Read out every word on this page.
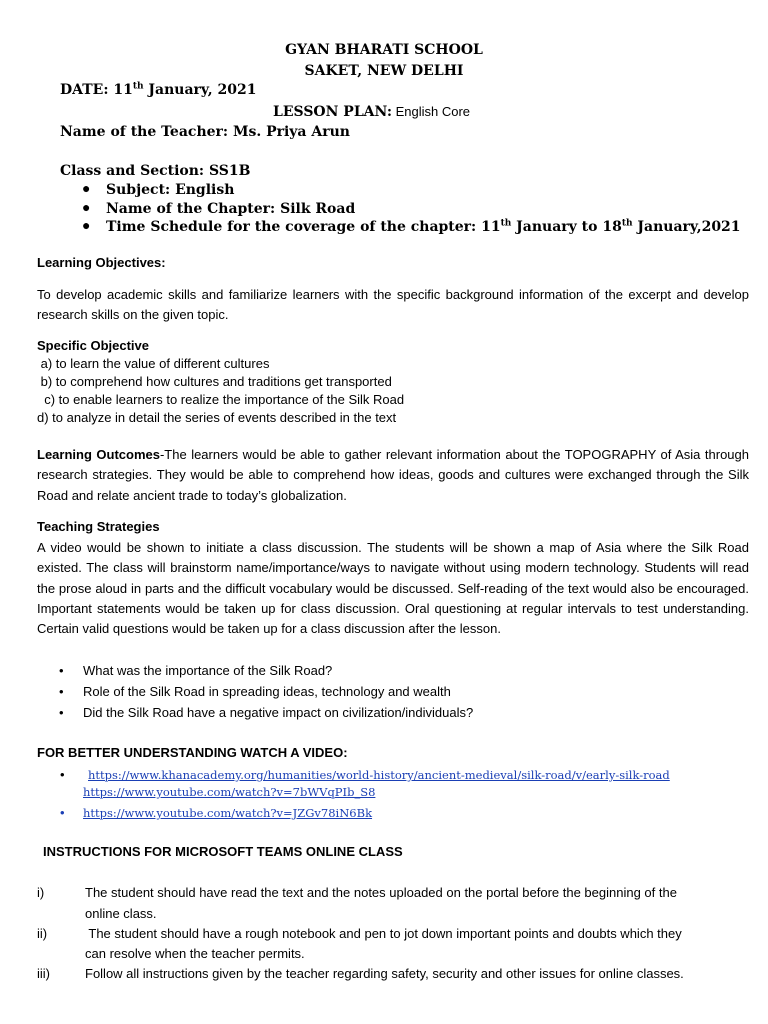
GYAN BHARATI SCHOOL
SAKET, NEW DELHI
DATE: 11th January, 2021
LESSON PLAN: English Core
Name of the Teacher: Ms. Priya Arun
Class and Section: SS1B
● Subject: English
● Name of the Chapter: Silk Road
● Time Schedule for the coverage of the chapter: 11th January to 18th January,2021
Learning Objectives:
To develop academic skills and familiarize learners with the specific background information of the excerpt and develop research skills on the given topic.
Specific Objective
a) to learn the value of different cultures
b) to comprehend how cultures and traditions get transported
c) to enable learners to realize the importance of the Silk Road
d) to analyze in detail the series of events described in the text
Learning Outcomes-The learners would be able to gather relevant information about the TOPOGRAPHY of Asia through research strategies. They would be able to comprehend how ideas, goods and cultures were exchanged through the Silk Road and relate ancient trade to today’s globalization.
Teaching Strategies
A video would be shown to initiate a class discussion. The students will be shown a map of Asia where the Silk Road existed. The class will brainstorm name/importance/ways to navigate without using modern technology. Students will read the prose aloud in parts and the difficult vocabulary would be discussed. Self-reading of the text would also be encouraged. Important statements would be taken up for class discussion. Oral questioning at regular intervals to test understanding. Certain valid questions would be taken up for a class discussion after the lesson.
• What was the importance of the Silk Road?
• Role of the Silk Road in spreading ideas, technology and wealth
• Did the Silk Road have a negative impact on civilization/individuals?
FOR BETTER UNDERSTANDING WATCH A VIDEO:
• https://www.khanacademy.org/humanities/world-history/ancient-medieval/silk-road/v/early-silk-road
https://www.youtube.com/watch?v=7bWVqPIb_S8
• https://www.youtube.com/watch?v=JZGv78iN6Bk
INSTRUCTIONS FOR MICROSOFT TEAMS ONLINE CLASS
i)	The student should have read the text and the notes uploaded on the portal before the beginning of the
online class.
ii)	The student should have a rough notebook and pen to jot down important points and doubts which they
can resolve when the teacher permits.
iii)	Follow all instructions given by the teacher regarding safety, security and other issues for online classes.
